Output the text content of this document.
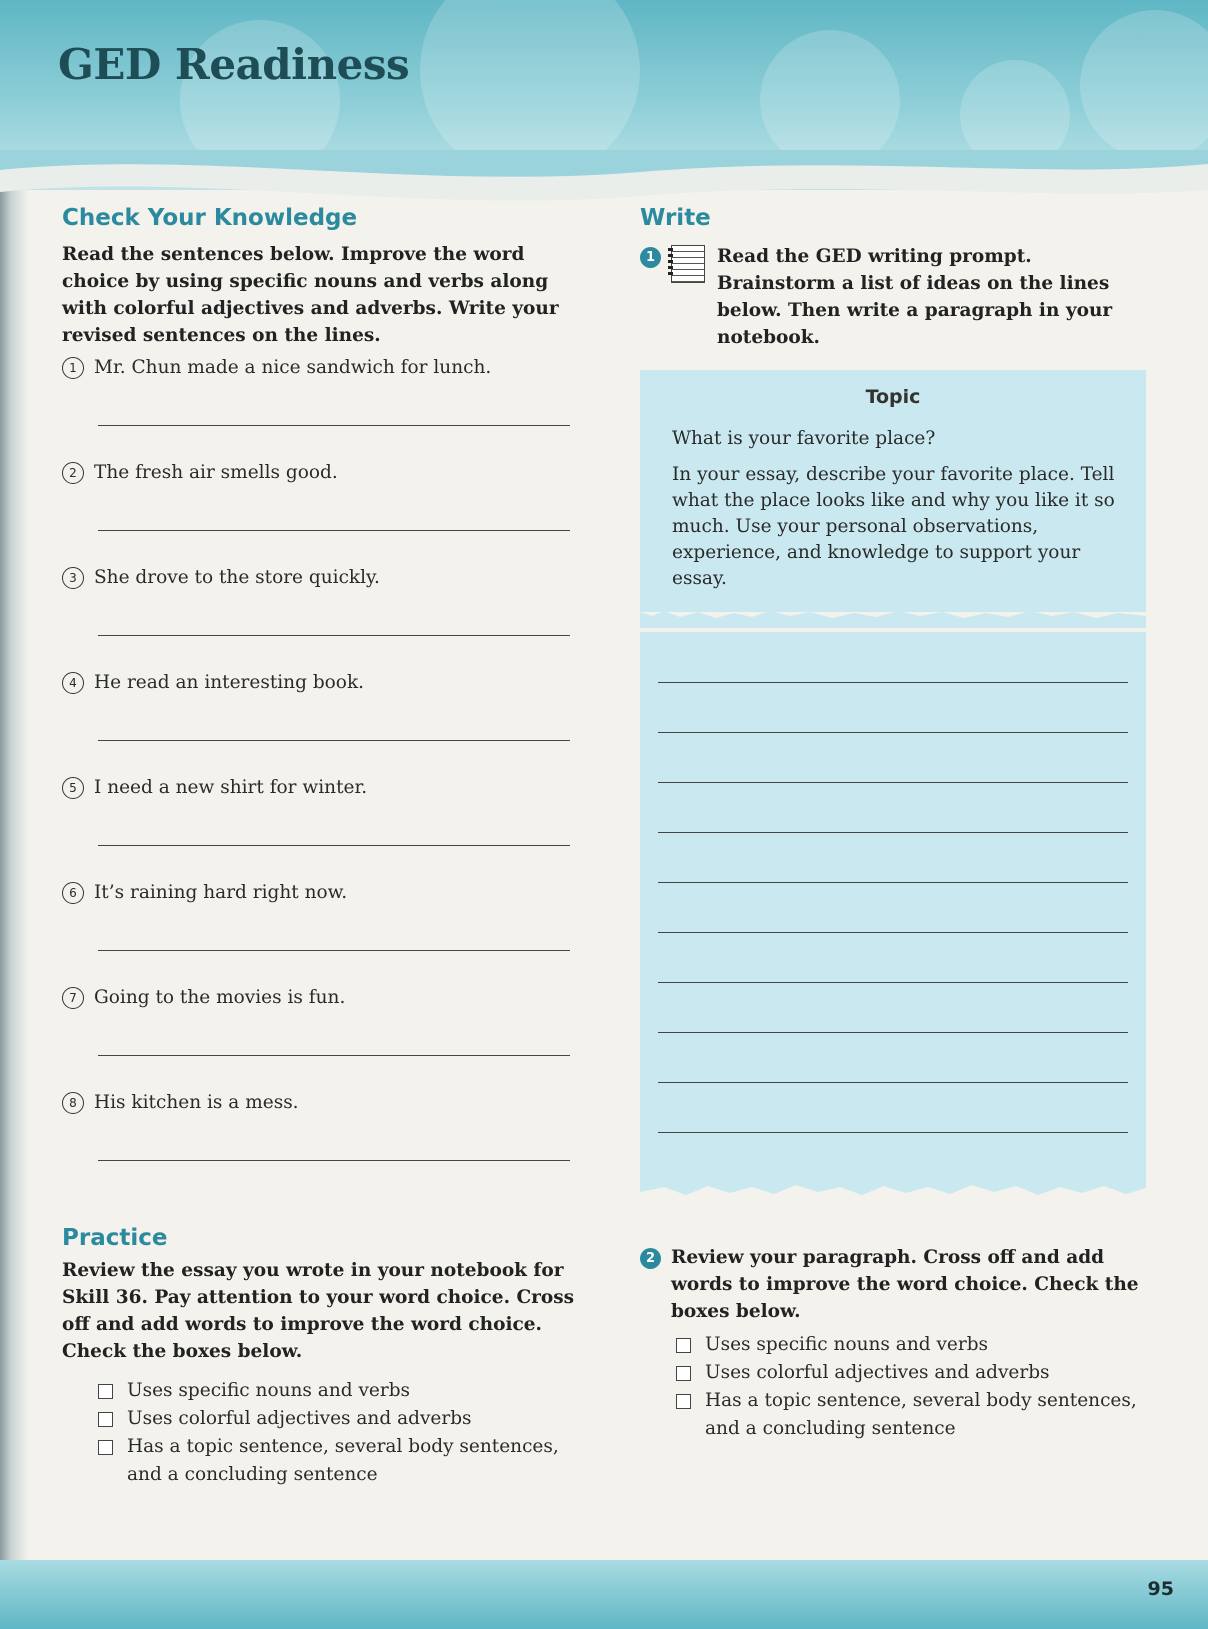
GED Readiness
Check Your Knowledge

Read the sentences below. Improve the word choice by using specific nouns and verbs along with colorful adjectives and adverbs. Write your revised sentences on the lines.

1 Mr. Chun made a nice sandwich for lunch.
2 The fresh air smells good.
3 She drove to the store quickly.
4 He read an interesting book.
5 I need a new shirt for winter.
6 It’s raining hard right now.
7 Going to the movies is fun.
8 His kitchen is a mess.
Practice

Review the essay you wrote in your notebook for Skill 36. Pay attention to your word choice. Cross off and add words to improve the word choice. Check the boxes below.

Uses specific nouns and verbs
Uses colorful adjectives and adverbs
Has a topic sentence, several body sentences, and a concluding sentence
Write
1	Read the GED writing prompt. Brainstorm a list of ideas on the lines below. Then write a paragraph in your notebook.
Topic
What is your favorite place?
In your essay, describe your favorite place. Tell what the place looks like and why you like it so much. Use your personal observations, experience, and knowledge to support your essay.
2 Review your paragraph. Cross off and add words to improve the word choice. Check the boxes below.
Uses specific nouns and verbs
Uses colorful adjectives and adverbs
Has a topic sentence, several body sentences, and a concluding sentence
95
